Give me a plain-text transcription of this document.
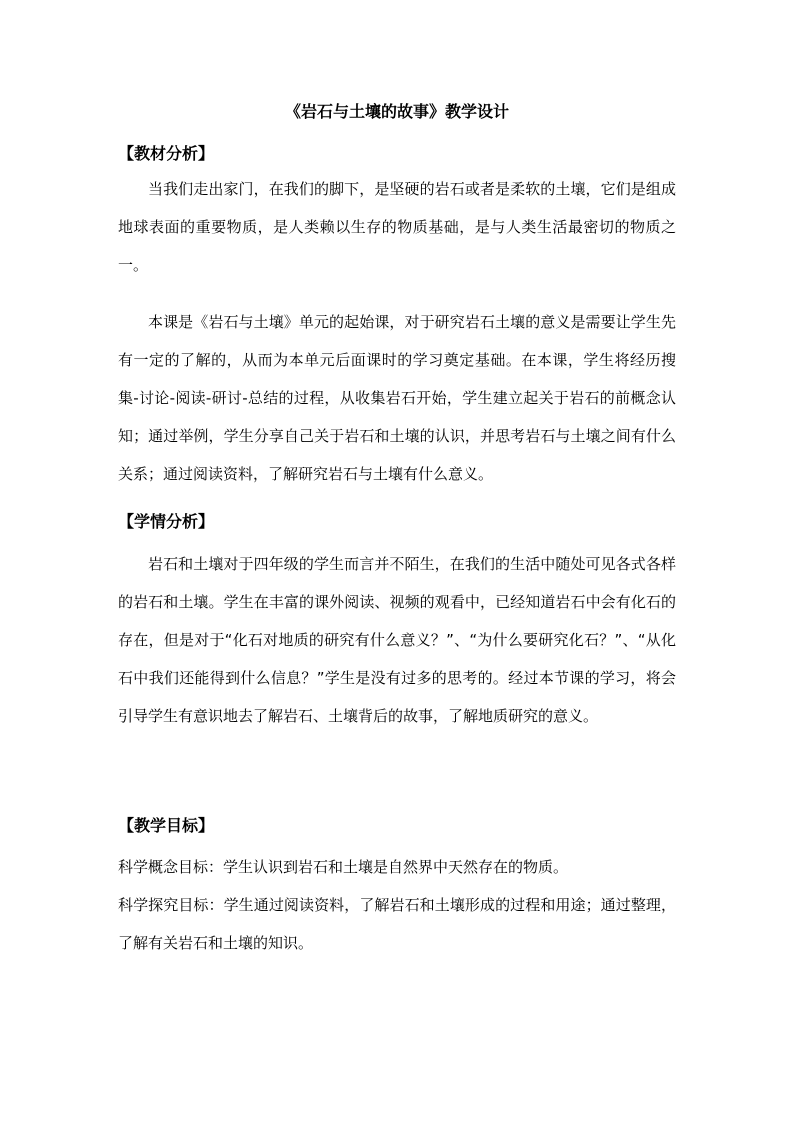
《岩石与土壤的故事》教学设计
【教材分析】

当我们走出家门，在我们的脚下，是坚硬的岩石或者是柔软的土壤，它们是组成地球表面的重要物质，是人类赖以生存的物质基础，是与人类生活最密切的物质之一。

本课是《岩石与土壤》单元的起始课，对于研究岩石土壤的意义是需要让学生先有一定的了解的，从而为本单元后面课时的学习奠定基础。在本课，学生将经历搜集-讨论-阅读-研讨-总结的过程，从收集岩石开始，学生建立起关于岩石的前概念认知；通过举例，学生分享自己关于岩石和土壤的认识，并思考岩石与土壤之间有什么关系；通过阅读资料，了解研究岩石与土壤有什么意义。

【学情分析】

岩石和土壤对于四年级的学生而言并不陌生，在我们的生活中随处可见各式各样的岩石和土壤。学生在丰富的课外阅读、视频的观看中，已经知道岩石中会有化石的存在，但是对于“化石对地质的研究有什么意义？”、“为什么要研究化石？”、“从化石中我们还能得到什么信息？”学生是没有过多的思考的。经过本节课的学习，将会引导学生有意识地去了解岩石、土壤背后的故事，了解地质研究的意义。

【教学目标】

科学概念目标：学生认识到岩石和土壤是自然界中天然存在的物质。

科学探究目标：学生通过阅读资料，了解岩石和土壤形成的过程和用途；通过整理，了解有关岩石和土壤的知识。
